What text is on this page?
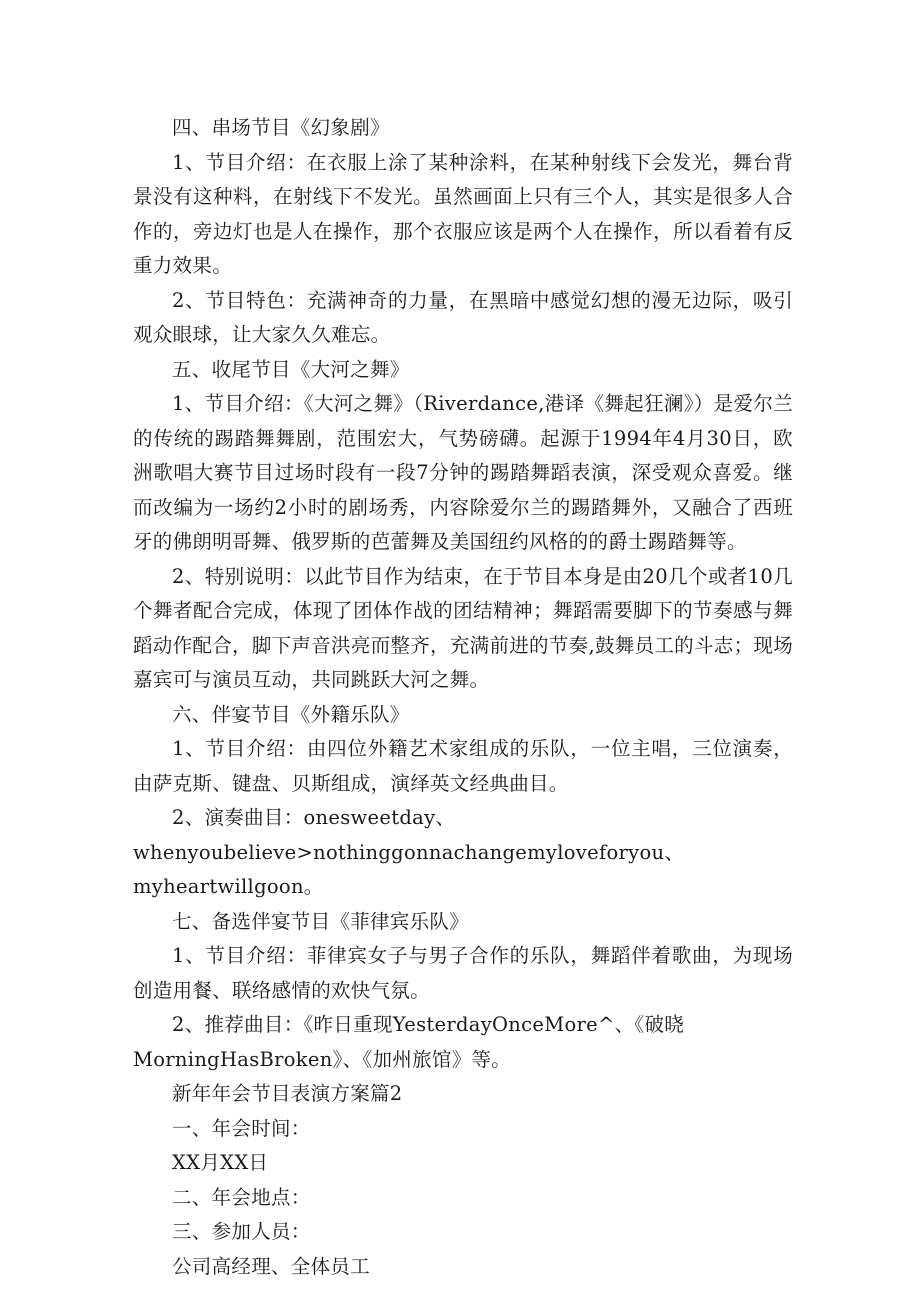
四、串场节目《幻象剧》

1、节目介绍：在衣服上涂了某种涂料，在某种射线下会发光，舞台背景没有这种料，在射线下不发光。虽然画面上只有三个人，其实是很多人合作的，旁边灯也是人在操作，那个衣服应该是两个人在操作，所以看着有反重力效果。

2、节目特色：充满神奇的力量，在黑暗中感觉幻想的漫无边际，吸引观众眼球，让大家久久难忘。

五、收尾节目《大河之舞》

1、节目介绍：《大河之舞》（Riverdance,港译《舞起狂澜》）是爱尔兰的传统的踢踏舞舞剧，范围宏大，气势磅礴。起源于1994年4月30日，欧洲歌唱大赛节目过场时段有一段7分钟的踢踏舞蹈表演，深受观众喜爱。继而改编为一场约2小时的剧场秀，内容除爱尔兰的踢踏舞外，又融合了西班牙的佛朗明哥舞、俄罗斯的芭蕾舞及美国纽约风格的的爵士踢踏舞等。

2、特别说明：以此节目作为结束，在于节目本身是由20几个或者10几个舞者配合完成，体现了团体作战的团结精神；舞蹈需要脚下的节奏感与舞蹈动作配合，脚下声音洪亮而整齐，充满前进的节奏,鼓舞员工的斗志；现场嘉宾可与演员互动，共同跳跃大河之舞。

六、伴宴节目《外籍乐队》

1、节目介绍：由四位外籍艺术家组成的乐队，一位主唱，三位演奏，由萨克斯、键盘、贝斯组成，演绎英文经典曲目。

2、演奏曲目：onesweetday、

whenyoubelieve>nothinggonnachangemyloveforyou、

myheartwillgoon。

七、备选伴宴节目《菲律宾乐队》

1、节目介绍：菲律宾女子与男子合作的乐队，舞蹈伴着歌曲，为现场创造用餐、联络感情的欢快气氛。

2、推荐曲目：《昨日重现YesterdayOnceMore^、《破晓

MorningHasBroken》、《加州旅馆》等。

新年年会节目表演方案篇2

一、年会时间：

XX月XX日

二、年会地点：

三、参加人员：

公司高经理、全体员工
